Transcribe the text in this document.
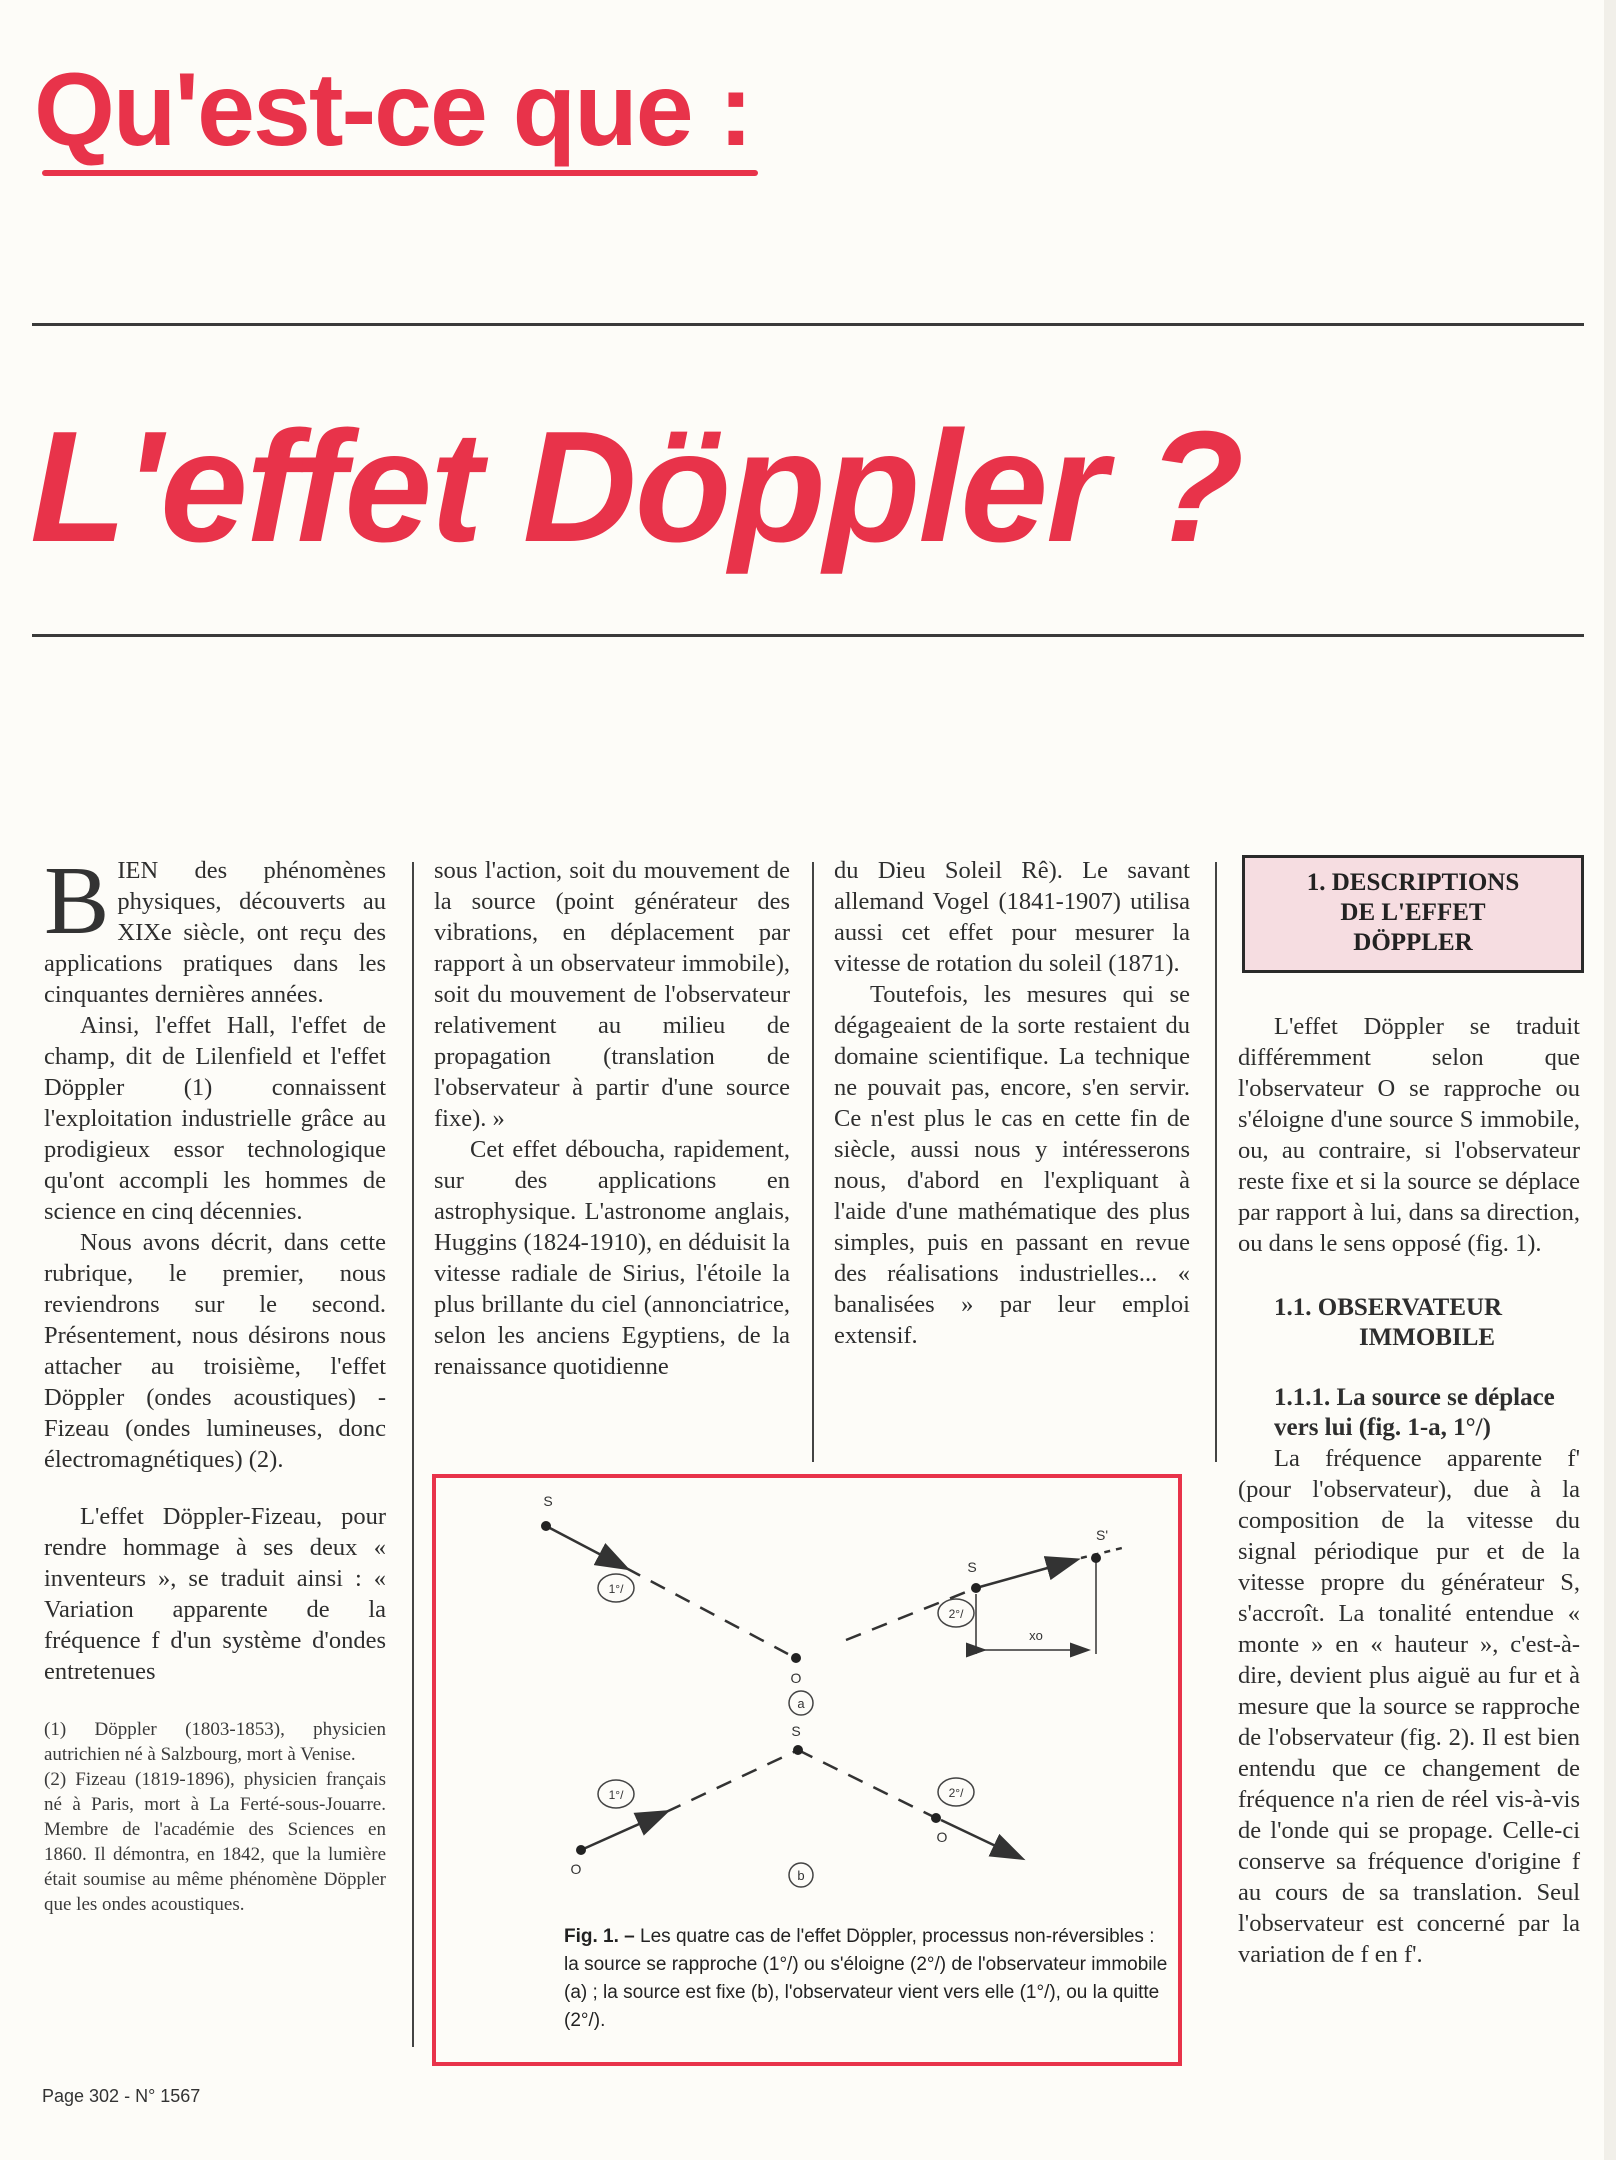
Qu'est-ce que :
L'effet Döppler ?

BIEN des phénomènes physiques, découverts au XIXe siècle, ont reçu des applications pratiques dans les cinquantes dernières années.

Ainsi, l'effet Hall, l'effet de champ, dit de Lilenfield et l'effet Döppler (1) connaissent l'exploitation industrielle grâce au prodigieux essor technologique qu'ont accompli les hommes de science en cinq décennies.

Nous avons décrit, dans cette rubrique, le premier, nous reviendrons sur le second. Présentement, nous désirons nous attacher au troisième, l'effet Döppler (ondes acoustiques) - Fizeau (ondes lumineuses, donc électromagnétiques) (2).

L'effet Döppler-Fizeau, pour rendre hommage à ses deux « inventeurs », se traduit ainsi : « Variation apparente de la fréquence f d'un système d'ondes entretenues

(1) Döppler (1803-1853), physicien autrichien né à Salzbourg, mort à Venise.

(2) Fizeau (1819-1896), physicien français né à Paris, mort à La Ferté-sous-Jouarre. Membre de l'académie des Sciences en 1860. Il démontra, en 1842, que la lumière était soumise au même phénomène Döppler que les ondes acoustiques.

sous l'action, soit du mouvement de la source (point générateur des vibrations, en déplacement par rapport à un observateur immobile), soit du mouvement de l'observateur relativement au milieu de propagation (translation de l'observateur à partir d'une source fixe). »

Cet effet déboucha, rapidement, sur des applications en astrophysique. L'astronome anglais, Huggins (1824-1910), en déduisit la vitesse radiale de Sirius, l'étoile la plus brillante du ciel (annonciatrice, selon les anciens Egyptiens, de la renaissance quotidienne

du Dieu Soleil Rê). Le savant allemand Vogel (1841-1907) utilisa aussi cet effet pour mesurer la vitesse de rotation du soleil (1871).

Toutefois, les mesures qui se dégageaient de la sorte restaient du domaine scientifique. La technique ne pouvait pas, encore, s'en servir. Ce n'est plus le cas en cette fin de siècle, aussi nous y intéresserons nous, d'abord en l'expliquant à l'aide d'une mathématique des plus simples, puis en passant en revue des réalisations industrielles... « banalisées » par leur emploi extensif.

1. DESCRIPTIONS
DE L'EFFET
DÖPPLER

L'effet Döppler se traduit différemment selon que l'observateur O se rapproche ou s'éloigne d'une source S immobile, ou, au contraire, si l'observateur reste fixe et si la source se déplace par rapport à lui, dans sa direction, ou dans le sens opposé (fig. 1).

1.1. OBSERVATEUR

IMMOBILE

1.1.1. La source se déplace

vers lui (fig. 1-a, 1°/)

La fréquence apparente f' (pour l'observateur), due à la composition de la vitesse du signal périodique pur et de la vitesse propre du générateur S, s'accroît. La tonalité entendue « monte » en « hauteur », c'est-à-dire, devient plus aiguë au fur et à mesure que la source se rapproche de l'observateur (fig. 2). Il est bien entendu que ce changement de fréquence n'a rien de réel vis-à-vis de l'onde qui se propage. Celle-ci conserve sa fréquence d'origine f au cours de sa translation. Seul l'observateur est concerné par la variation de f en f'.

S
O
S
S'
xo
S
O
O
1°/
2°/
a
1°/	2°/
b
Fig. 1. – Les quatre cas de l'effet Döppler, processus non-réversibles : la source se rapproche (1°/) ou s'éloigne (2°/) de l'observateur immobile (a) ; la source est fixe (b), l'observateur vient vers elle (1°/), ou la quitte (2°/).
Page 302 - N° 1567
